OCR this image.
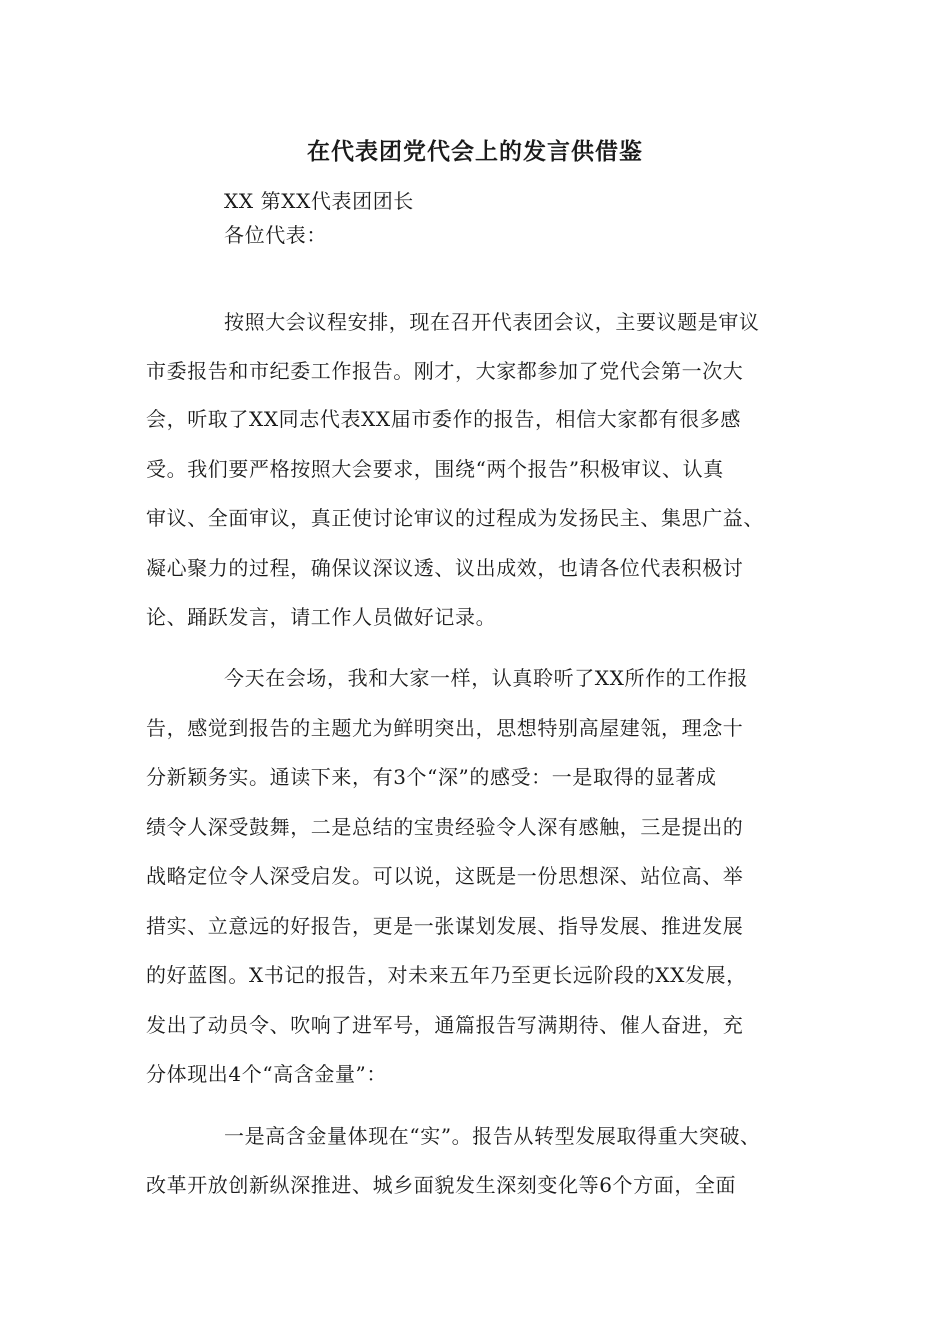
在代表团党代会上的发言供借鉴
XX 第XX代表团团长
各位代表：
按照大会议程安排，现在召开代表团会议，主要议题是审议
市委报告和市纪委工作报告。刚才，大家都参加了党代会第一次大
会，听取了XX同志代表XX届市委作的报告，相信大家都有很多感
受。我们要严格按照大会要求，围绕“两个报告”积极审议、认真
审议、全面审议，真正使讨论审议的过程成为发扬民主、集思广益、
凝心聚力的过程，确保议深议透、议出成效，也请各位代表积极讨
论、踊跃发言，请工作人员做好记录。
今天在会场，我和大家一样，认真聆听了XX所作的工作报
告，感觉到报告的主题尤为鲜明突出，思想特别高屋建瓴，理念十
分新颖务实。通读下来，有3个“深”的感受：一是取得的显著成
绩令人深受鼓舞，二是总结的宝贵经验令人深有感触，三是提出的
战略定位令人深受启发。可以说，这既是一份思想深、站位高、举
措实、立意远的好报告，更是一张谋划发展、指导发展、推进发展
的好蓝图。X书记的报告，对未来五年乃至更长远阶段的XX发展，
发出了动员令、吹响了进军号，通篇报告写满期待、催人奋进，充
分体现出4个“高含金量”：
一是高含金量体现在“实”。报告从转型发展取得重大突破、
改革开放创新纵深推进、城乡面貌发生深刻变化等6个方面，全面
